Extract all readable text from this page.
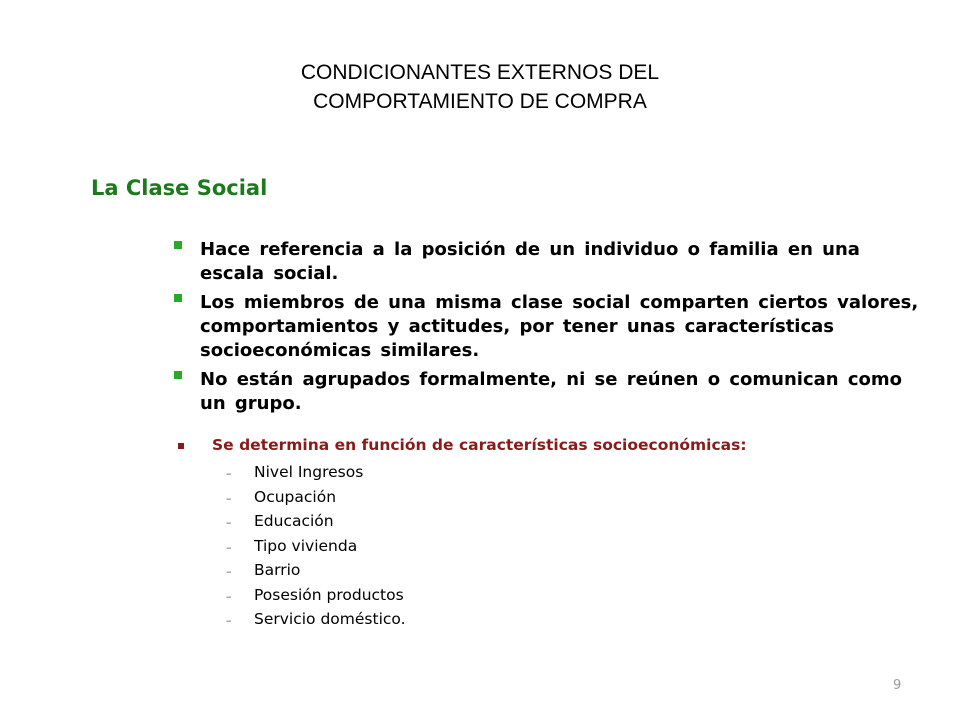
CONDICIONANTES EXTERNOS DEL
COMPORTAMIENTO DE COMPRA
La Clase Social
Hace referencia a la posición de un individuo o familia en una escala social.
Los miembros de una misma clase social comparten ciertos valores, comportamientos y actitudes, por tener unas características socioeconómicas similares.
No están agrupados formalmente, ni se reúnen o comunican como un grupo.
Se determina en función de características socioeconómicas:
– Nivel Ingresos
– Ocupación
– Educación
– Tipo vivienda
– Barrio
– Posesión productos
– Servicio doméstico.
9
